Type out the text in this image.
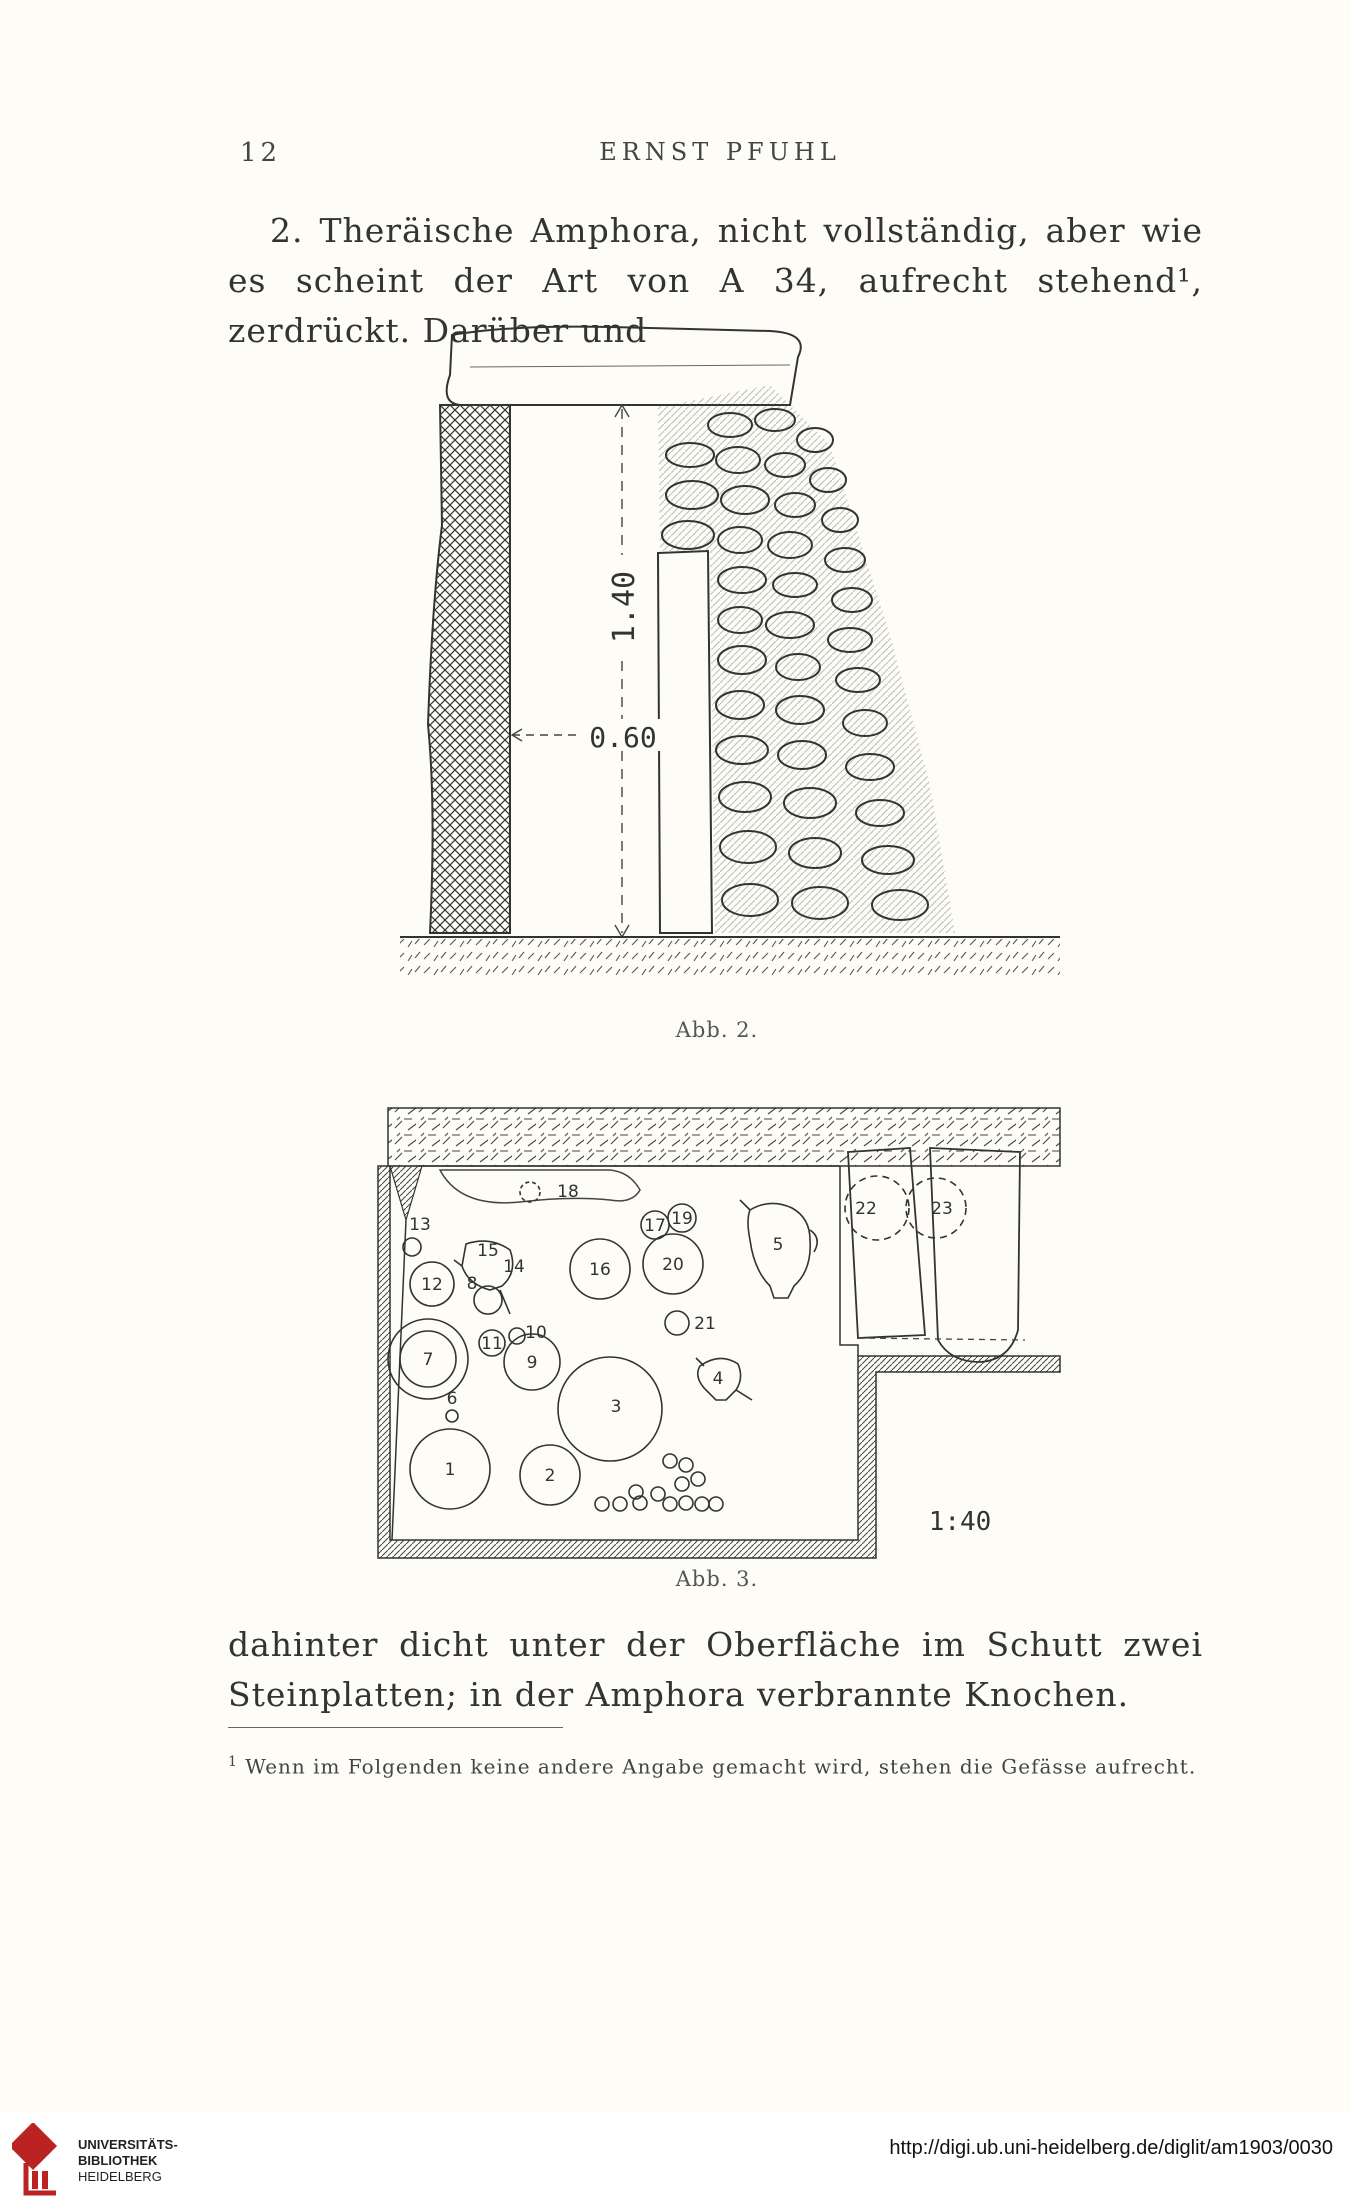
12	ERNST PFUHL
2. Theräische Amphora, nicht vollständig, aber wie es scheint der Art von A 34, aufrecht stehend¹, zerdrückt. Darüber und
1.40
0.60
Abb. 2.
1	2
3
4
5
6
7
8
9
10
11
12
13
14
15
16
17
18
19
20
21
22	23
1:40
Abb. 3.
dahinter dicht unter der Oberfläche im Schutt zwei Steinplatten; in der Amphora verbrannte Knochen.
$^1$ Wenn im Folgenden keine andere Angabe gemacht wird, stehen die Gefässe aufrecht.
UNIVERSITÄTS-
BIBLIOTHEK
HEIDELBERG
http://digi.ub.uni-heidelberg.de/diglit/am1903/0030
